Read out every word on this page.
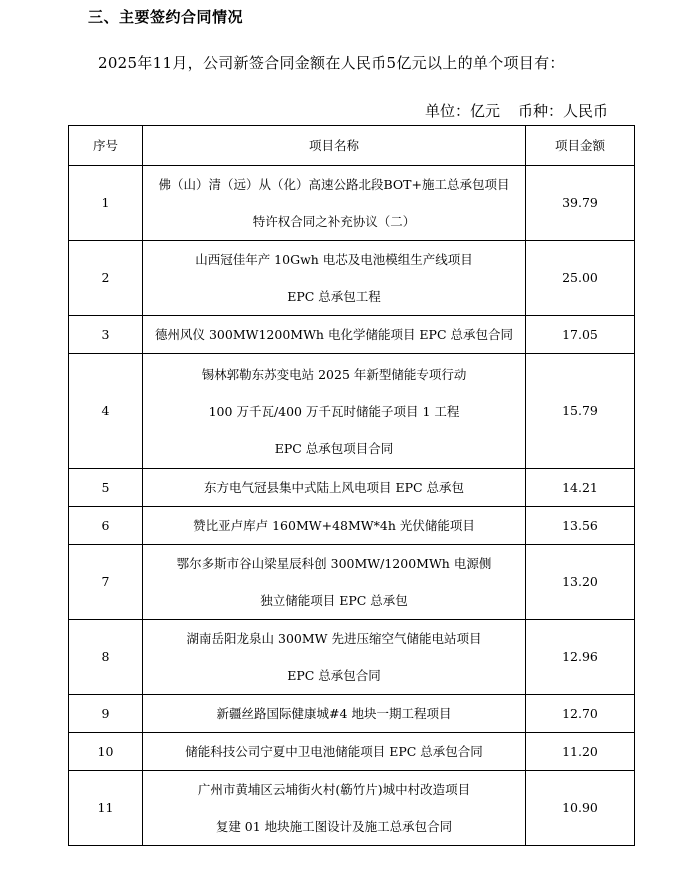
三、主要签约合同情况

2025年11月，公司新签合同金额在人民币5亿元以上的单个项目有：

单位：亿元 币种：人民币

序号	项目名称	项目金额
1	佛（山）清（远）从（化）高速公路北段BOT+施工总承包项目
特许权合同之补充协议（二）	39.79
2	山西冠佳年产 10Gwh 电芯及电池模组生产线项目
EPC 总承包工程	25.00
3	德州风仪 300MW1200MWh 电化学储能项目 EPC 总承包合同	17.05
4	锡林郭勒东苏变电站 2025 年新型储能专项行动
100 万千瓦/400 万千瓦时储能子项目 1 工程
EPC 总承包项目合同	15.79
5	东方电气冠县集中式陆上风电项目 EPC 总承包	14.21
6	赞比亚卢库卢 160MW+48MW*4h 光伏储能项目	13.56
7	鄂尔多斯市谷山梁星辰科创 300MW/1200MWh 电源侧
独立储能项目 EPC 总承包	13.20
8	湖南岳阳龙泉山 300MW 先进压缩空气储能电站项目
EPC 总承包合同	12.96
9	新疆丝路国际健康城#4 地块一期工程项目	12.70
10	储能科技公司宁夏中卫电池储能项目 EPC 总承包合同	11.20
11	广州市黄埔区云埔街火村(簕竹片)城中村改造项目
复建 01 地块施工图设计及施工总承包合同	10.90
